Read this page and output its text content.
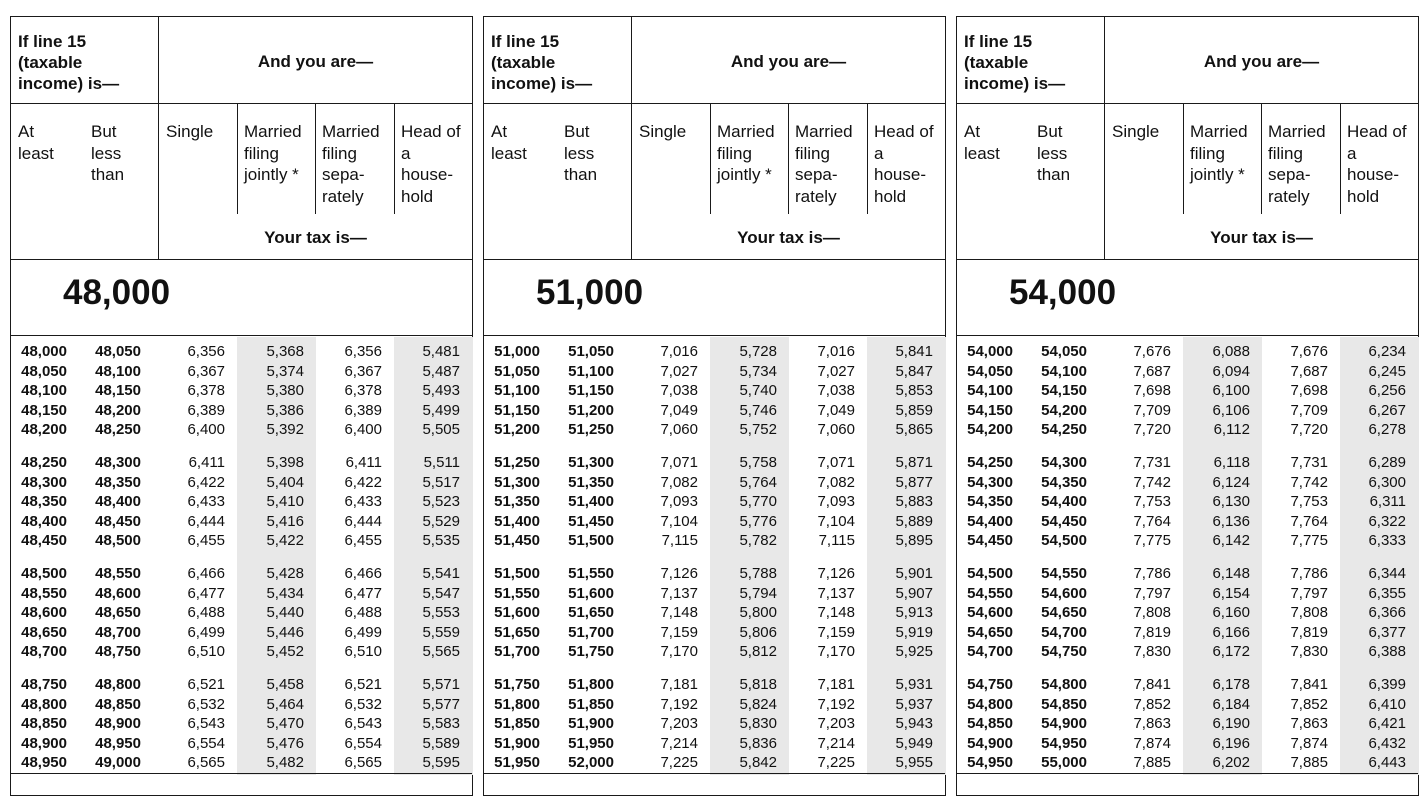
If line 15
(taxable
income) is—
And you are—
At
least
But
less
than
Single Married
filing
jointly *
Married
filing
sepa-
rately
Head of
a
house-
hold
Your tax is—
48,000
48,000 48,050	6,356	5,368	6,356	5,481
48,050 48,100	6,367	5,374	6,367	5,487
48,100 48,150	6,378	5,380	6,378	5,493
48,150 48,200	6,389	5,386	6,389	5,499
48,200 48,250	6,400	5,392	6,400	5,505
48,250 48,300	6,411	5,398	6,411	5,511
48,300 48,350	6,422	5,404	6,422	5,517
48,350 48,400	6,433	5,410	6,433	5,523
48,400 48,450	6,444	5,416	6,444	5,529
48,450 48,500	6,455	5,422	6,455	5,535
48,500 48,550	6,466	5,428	6,466	5,541
48,550 48,600	6,477	5,434	6,477	5,547
48,600 48,650	6,488	5,440	6,488	5,553
48,650 48,700	6,499	5,446	6,499	5,559
48,700 48,750	6,510	5,452	6,510	5,565
48,750 48,800	6,521	5,458	6,521	5,571
48,800 48,850	6,532	5,464	6,532	5,577
48,850 48,900	6,543	5,470	6,543	5,583
48,900 48,950	6,554	5,476	6,554	5,589
48,950 49,000	6,565	5,482	6,565	5,595
If line 15
(taxable
income) is—
And you are—
At
least
But
less
than
Single Married
filing
jointly *
Married
filing
sepa-
rately
Head of
a
house-
hold
Your tax is—
51,000
51,000 51,050	7,016	5,728	7,016	5,841
51,050 51,100	7,027	5,734	7,027	5,847
51,100 51,150	7,038	5,740	7,038	5,853
51,150 51,200	7,049	5,746	7,049	5,859
51,200 51,250	7,060	5,752	7,060	5,865
51,250 51,300	7,071	5,758	7,071	5,871
51,300 51,350	7,082	5,764	7,082	5,877
51,350 51,400	7,093	5,770	7,093	5,883
51,400 51,450	7,104	5,776	7,104	5,889
51,450 51,500	7,115	5,782	7,115	5,895
51,500 51,550	7,126	5,788	7,126	5,901
51,550 51,600	7,137	5,794	7,137	5,907
51,600 51,650	7,148	5,800	7,148	5,913
51,650 51,700	7,159	5,806	7,159	5,919
51,700 51,750	7,170	5,812	7,170	5,925
51,750 51,800	7,181	5,818	7,181	5,931
51,800 51,850	7,192	5,824	7,192	5,937
51,850 51,900	7,203	5,830	7,203	5,943
51,900 51,950	7,214	5,836	7,214	5,949
51,950 52,000	7,225	5,842	7,225	5,955
If line 15
(taxable
income) is—
And you are—
At
least
But
less
than
Single Married
filing
jointly *
Married
filing
sepa-
rately
Head of
a
house-
hold
Your tax is—
54,000
54,000 54,050	7,676	6,088	7,676	6,234
54,050 54,100	7,687	6,094	7,687	6,245
54,100 54,150	7,698	6,100	7,698	6,256
54,150 54,200	7,709	6,106	7,709	6,267
54,200 54,250	7,720	6,112	7,720	6,278
54,250 54,300	7,731	6,118	7,731	6,289
54,300 54,350	7,742	6,124	7,742	6,300
54,350 54,400	7,753	6,130	7,753	6,311
54,400 54,450	7,764	6,136	7,764	6,322
54,450 54,500	7,775	6,142	7,775	6,333
54,500 54,550	7,786	6,148	7,786	6,344
54,550 54,600	7,797	6,154	7,797	6,355
54,600 54,650	7,808	6,160	7,808	6,366
54,650 54,700	7,819	6,166	7,819	6,377
54,700 54,750	7,830	6,172	7,830	6,388
54,750 54,800	7,841	6,178	7,841	6,399
54,800 54,850	7,852	6,184	7,852	6,410
54,850 54,900	7,863	6,190	7,863	6,421
54,900 54,950	7,874	6,196	7,874	6,432
54,950 55,000	7,885	6,202	7,885	6,443
